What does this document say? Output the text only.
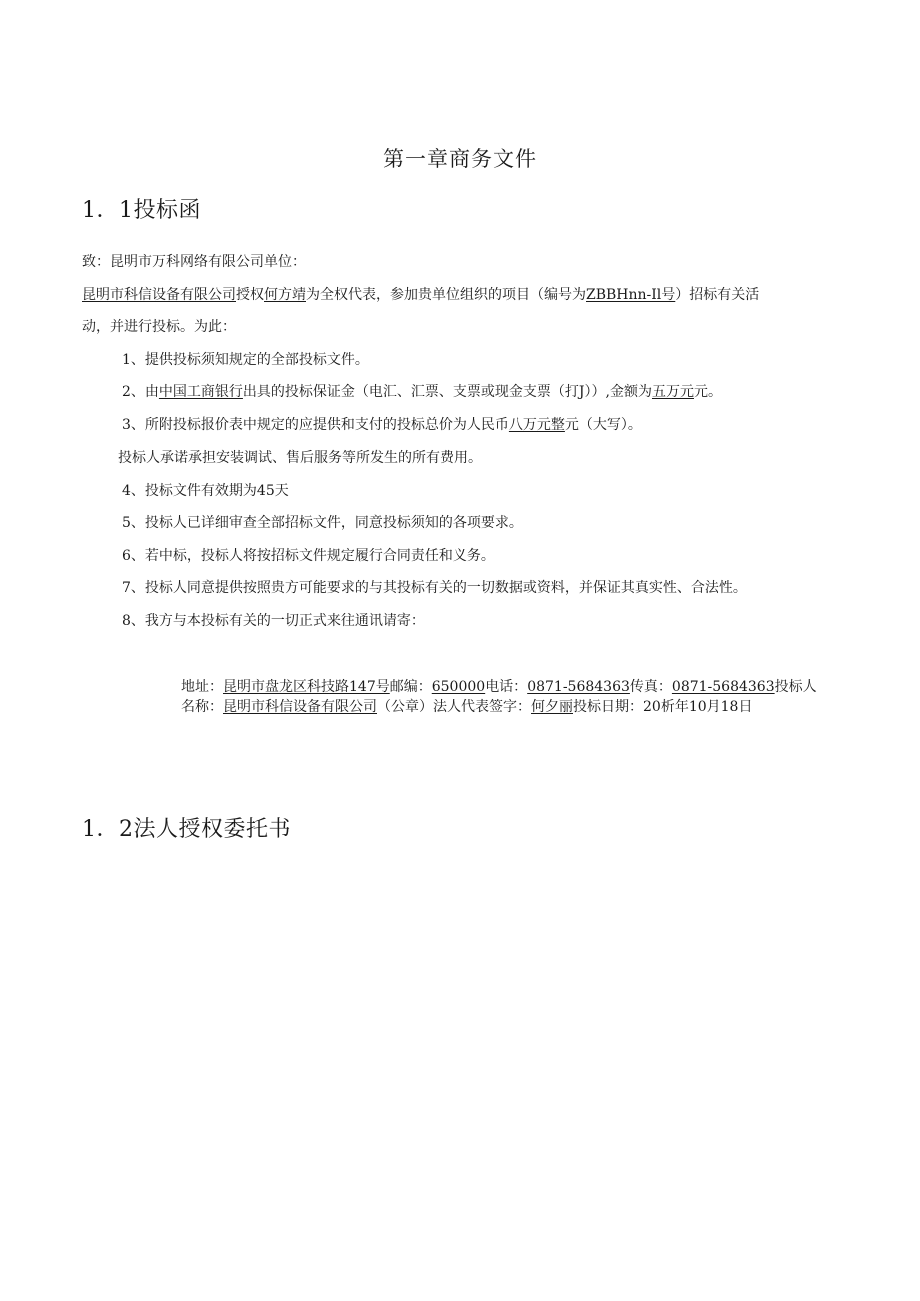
第一章商务文件
1．1投标函
致：昆明市万科网络有限公司单位：
昆明市科信设备有限公司授权何方靖为全权代表，参加贵单位组织的项目（编号为ZBBHnn-Il号）招标有关活
动，并进行投标。为此：
1、提供投标须知规定的全部投标文件。
2、由中国工商银行出具的投标保证金（电汇、汇票、支票或现金支票（打J））,金额为五万元元。
3、所附投标报价表中规定的应提供和支付的投标总价为人民币八万元整元（大写）。
投标人承诺承担安装调试、售后服务等所发生的所有费用。
4、投标文件有效期为45天
5、投标人已详细审查全部招标文件，同意投标须知的各项要求。
6、若中标，投标人将按招标文件规定履行合同责任和义务。
7、投标人同意提供按照贵方可能要求的与其投标有关的一切数据或资料，并保证其真实性、合法性。
8、我方与本投标有关的一切正式来往通讯请寄：
地址：昆明市盘龙区科技路147号邮编：650000电话：0871-5684363传真：0871-5684363投标人
名称：昆明市科信设备有限公司（公章）法人代表签字：何夕丽投标日期：20析年10月18日
1．2法人授权委托书
